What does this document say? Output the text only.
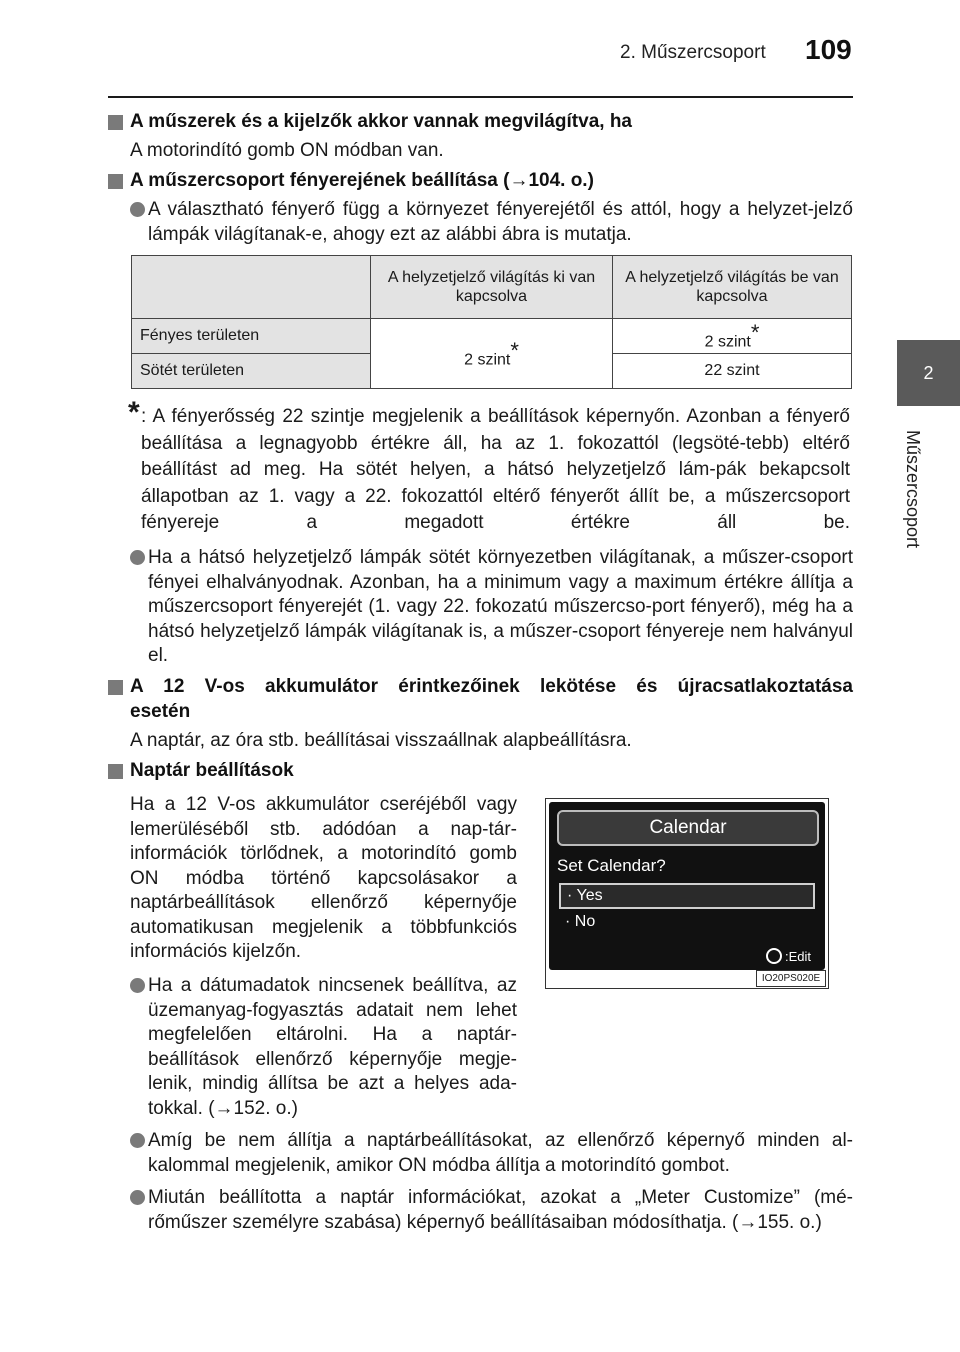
2. Műszercsoport 109
2
Műszercsoport
A műszerek és a kijelzők akkor vannak megvilágítva, ha
A motorindító gomb ON módban van.
A műszercsoport fényerejének beállítása (→104. o.)
A választható fényerő függ a környezet fényerejétől és attól, hogy a helyzet-jelző lámpák világítanak-e, ahogy ezt az alábbi ábra is mutatja.
	A helyzetjelző világítás ki van kapcsolva	A helyzetjelző világítás be van kapcsolva
Fényes területen	2 szint*	2 szint*
Sötét területen		22 szint
* : A fényerősség 22 szintje megjelenik a beállítások képernyőn. Azonban a fényerő beállítása a legnagyobb értékre áll, ha az 1. fokozattól (legsöté-tebb) eltérő beállítást ad meg. Ha sötét helyen, a hátsó helyzetjelző lám-pák bekapcsolt állapotban az 1. vagy a 22. fokozattól eltérő fényerőt állít be, a műszercsoport fényereje a megadott értékre áll be.
Ha a hátsó helyzetjelző lámpák sötét környezetben világítanak, a műszer-csoport fényei elhalványodnak. Azonban, ha a minimum vagy a maximum értékre állítja a műszercsoport fényerejét (1. vagy 22. fokozatú műszercso-port fényerő), még ha a hátsó helyzetjelző lámpák világítanak is, a műszer-csoport fényereje nem halványul el.
A 12 V-os akkumulátor érintkezőinek lekötése és újracsatlakoztatása
esetén
A naptár, az óra stb. beállításai visszaállnak alapbeállításra.
Naptár beállítások
Ha a 12 V-os akkumulátor cseréjéből vagy lemerüléséből stb. adódóan a nap-tár-információk törlődnek, a motorindító gomb ON módba történő kapcsolásakor a naptárbeállítások ellenőrző képernyője automatikusan megjelenik a többfunkciós információs kijelzőn.
Calendar
Set Calendar?
· Yes
· No
:Edit
IO20PS020E
Ha a dátumadatok nincsenek beállítva, az üzemanyag-fogyasztás adatait nem lehet megfelelően eltárolni. Ha a naptár-beállítások ellenőrző képernyője megje-lenik, mindig állítsa be azt a helyes ada-tokkal. (→152. o.)
Amíg be nem állítja a naptárbeállításokat, az ellenőrző képernyő minden al-kalommal megjelenik, amikor ON módba állítja a motorindító gombot.
Miután beállította a naptár információkat, azokat a „Meter Customize” (mé-rőműszer személyre szabása) képernyő beállításaiban módosíthatja. (→155. o.)
